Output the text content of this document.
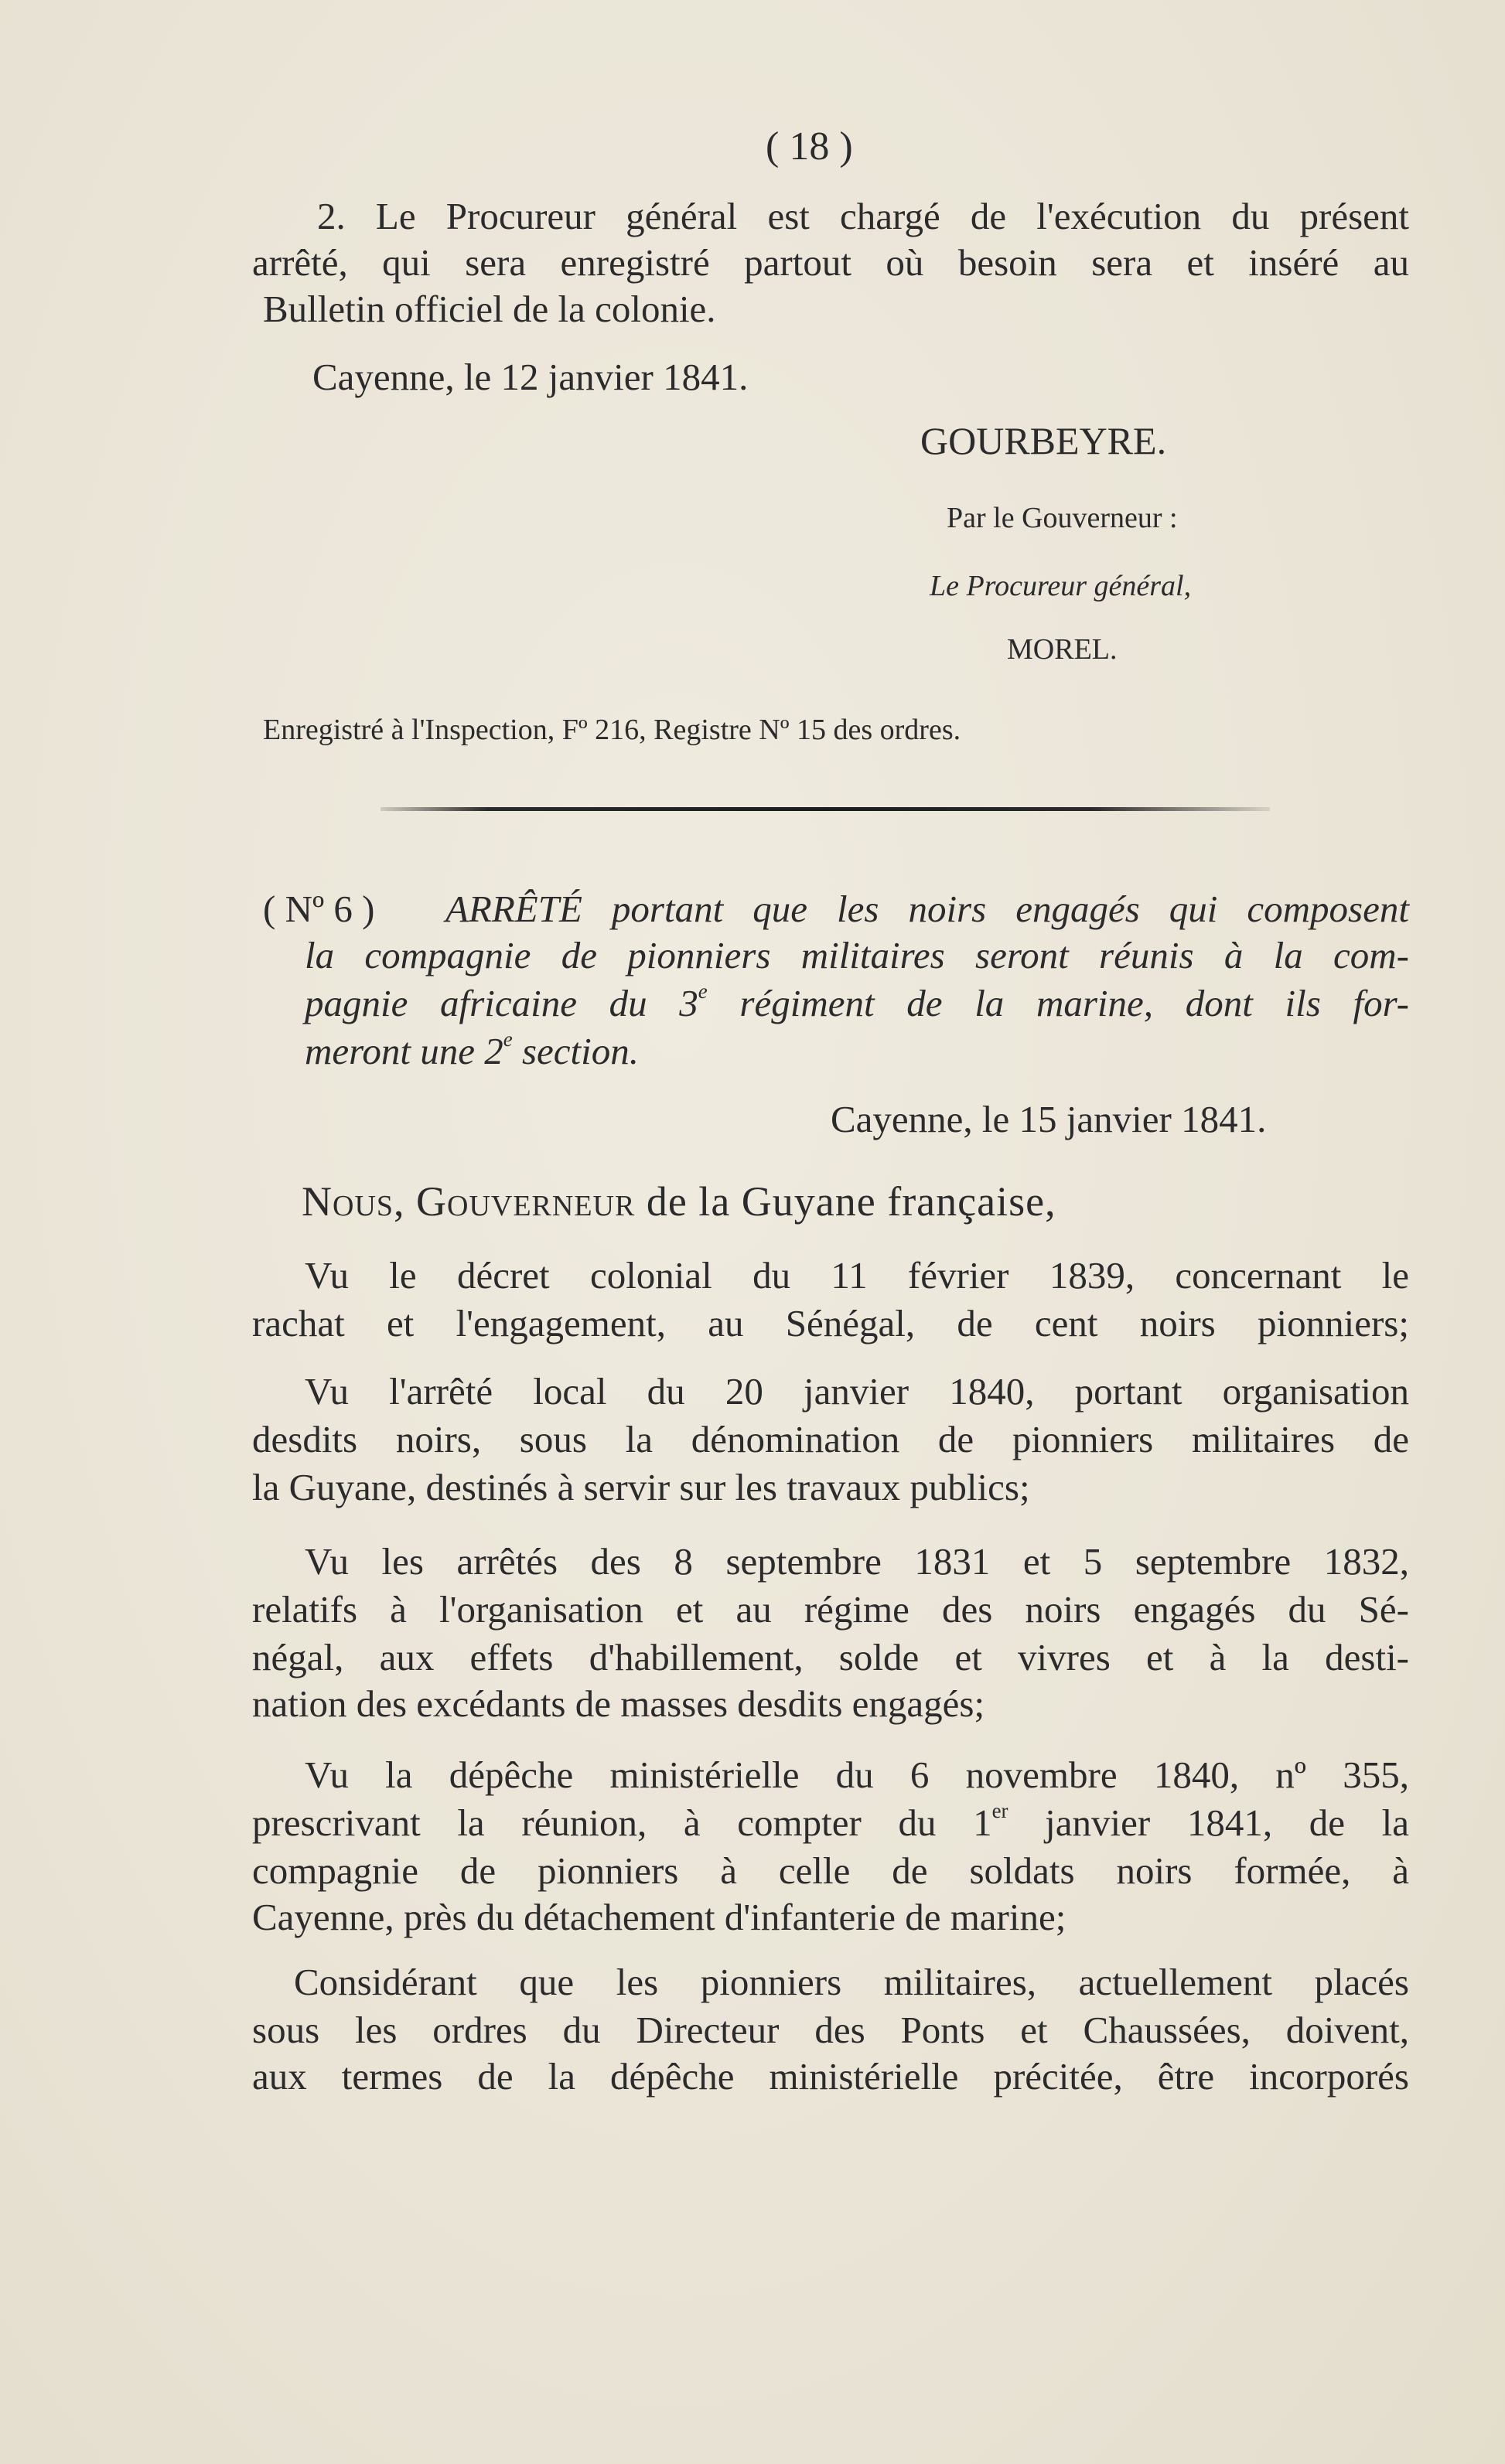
( 18 )

2. Le Procureur général est chargé de l'exécution du présent

arrêté, qui sera enregistré partout où besoin sera et inséré au

Bulletin officiel de la colonie.

Cayenne, le 12 janvier 1841.

GOURBEYRE.

Par le Gouverneur :

Le Procureur général,

MOREL.

Enregistré à l'Inspection, Fº 216, Registre Nº 15 des ordres.

( Nº 6 ) ARRÊTÉ portant que les noirs engagés qui composent

la compagnie de pionniers militaires seront réunis à la com-

pagnie africaine du 3e régiment de la marine, dont ils for-

meront une 2e section.

Cayenne, le 15 janvier 1841.

Nous, Gouverneur de la Guyane française,

Vu le décret colonial du 11 février 1839, concernant le

rachat et l'engagement, au Sénégal, de cent noirs pionniers;

Vu l'arrêté local du 20 janvier 1840, portant organisation

desdits noirs, sous la dénomination de pionniers militaires de

la Guyane, destinés à servir sur les travaux publics;

Vu les arrêtés des 8 septembre 1831 et 5 septembre 1832,

relatifs à l'organisation et au régime des noirs engagés du Sé-

négal, aux effets d'habillement, solde et vivres et à la desti-

nation des excédants de masses desdits engagés;

Vu la dépêche ministérielle du 6 novembre 1840, nº 355,

prescrivant la réunion, à compter du 1er janvier 1841, de la

compagnie de pionniers à celle de soldats noirs formée, à

Cayenne, près du détachement d'infanterie de marine;

Considérant que les pionniers militaires, actuellement placés

sous les ordres du Directeur des Ponts et Chaussées, doivent,

aux termes de la dépêche ministérielle précitée, être incorporés
